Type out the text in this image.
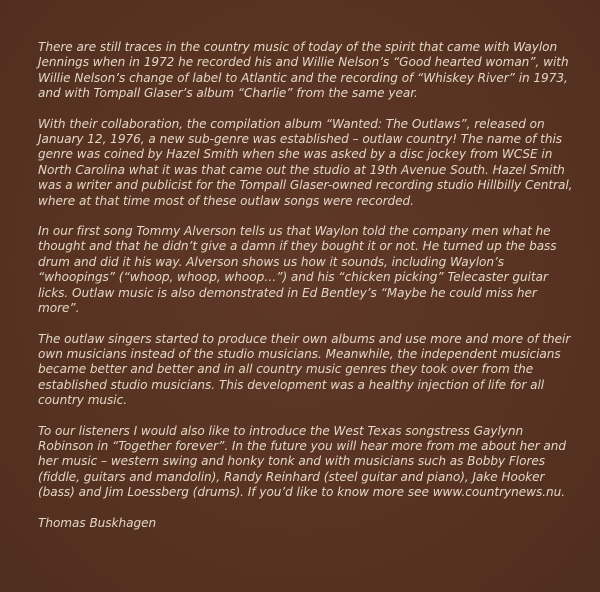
There are still traces in the country music of today of the spirit that came with Waylon Jennings when in 1972 he recorded his and Willie Nelson’s “Good hearted woman”, with Willie Nelson’s change of label to Atlantic and the recording of “Whiskey River” in 1973, and with Tompall Glaser’s album “Charlie” from the same year.

With their collaboration, the compilation album “Wanted: The Outlaws”, released on January 12, 1976, a new sub-genre was established – outlaw country! The name of this genre was coined by Hazel Smith when she was asked by a disc jockey from WCSE in North Carolina what it was that came out the studio at 19th Avenue South. Hazel Smith was a writer and publicist for the Tompall Glaser-owned recording studio Hillbilly Central, where at that time most of these outlaw songs were recorded.

In our first song Tommy Alverson tells us that Waylon told the company men what he thought and that he didn’t give a damn if they bought it or not. He turned up the bass drum and did it his way. Alverson shows us how it sounds, including Waylon’s “whoopings” (“whoop, whoop, whoop…”) and his “chicken picking” Telecaster guitar licks. Outlaw music is also demonstrated in Ed Bentley’s “Maybe he could miss her more”.

The outlaw singers started to produce their own albums and use more and more of their own musicians instead of the studio musicians. Meanwhile, the independent musicians became better and better and in all country music genres they took over from the established studio musicians. This development was a healthy injection of life for all country music.

To our listeners I would also like to introduce the West Texas songstress Gaylynn Robinson in “Together forever”. In the future you will hear more from me about her and her music – western swing and honky tonk and with musicians such as Bobby Flores (fiddle, guitars and mandolin), Randy Reinhard (steel guitar and piano), Jake Hooker (bass) and Jim Loessberg (drums). If you’d like to know more see www.countrynews.nu.

Thomas Buskhagen
